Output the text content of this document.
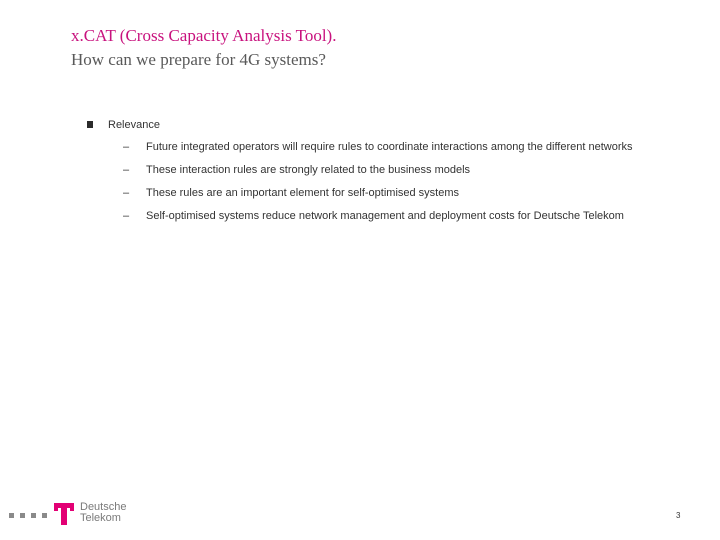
x.CAT (Cross Capacity Analysis Tool).
How can we prepare for 4G systems?
Relevance
– Future integrated operators will require rules to coordinate interactions among the different networks
– These interaction rules are strongly related to the business models
– These rules are an important element for self-optimised systems
– Self-optimised systems reduce network management and deployment costs for Deutsche Telekom
Deutsche
Telekom	3
